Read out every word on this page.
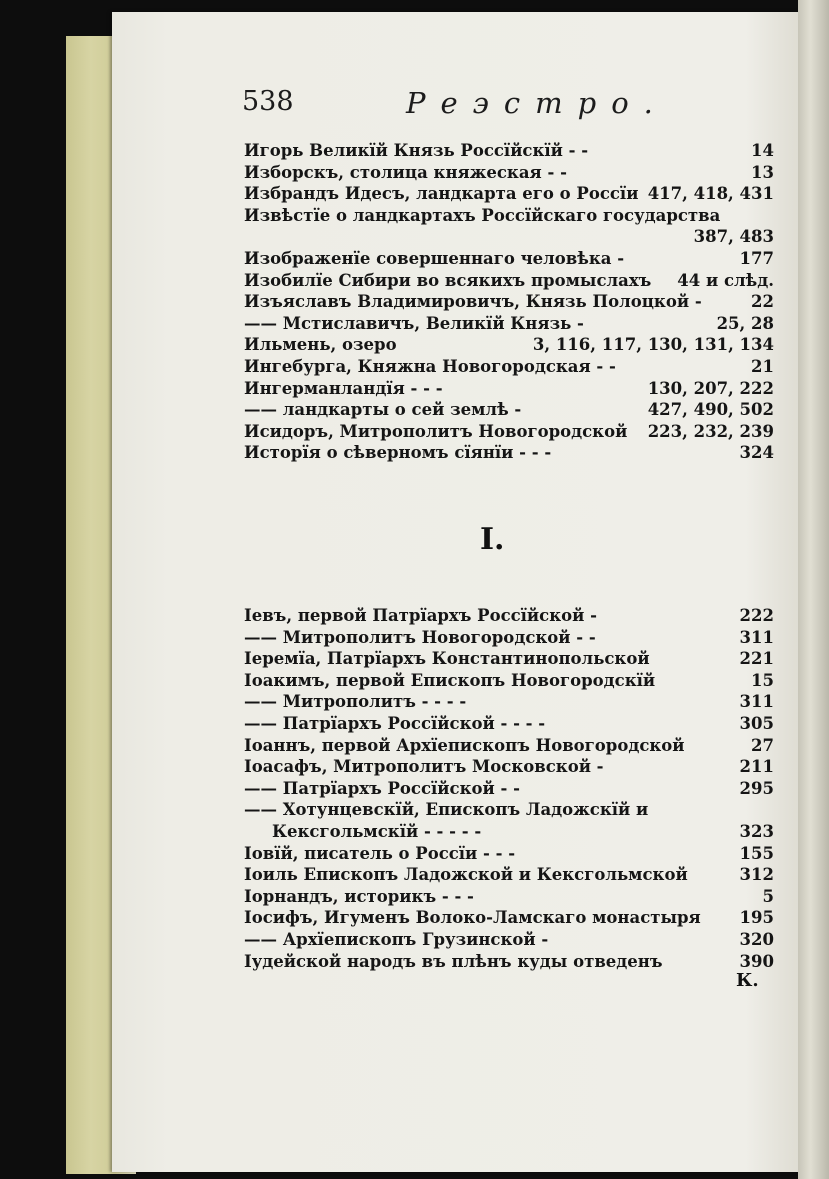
538	Реэстро.
Игорь Великїй Князь Россїйскїй - -	14
Изборскъ, столица княжеская - -	13
Избрандъ Идесъ, ландкарта его о Россїи 417, 418, 431
Извѣстїе о ландкартахъ Россїйскаго государства
387, 483
Изображенїе совершеннаго человѣка -	177
Изобилїе Сибири во всякихъ промыслахъ	44 и слѣд.
Изъяславъ Владимировичъ, Князь Полоцкой -	22
—— Мстиславичъ, Великїй Князь -	25, 28
Ильмень, озеро	3, 116, 117, 130, 131, 134
Ингебурга, Княжна Новогородская - -	21
Ингерманландїя - - -	130, 207, 222
—— ландкарты о сей землѣ -	427, 490, 502
Исидоръ, Митрополитъ Новогородской	223, 232, 239
Исторїя о сѣверномъ сїянїи - - -	324
I.
Iевъ, первой Патрїархъ Россїйской -	222
—— Митрополитъ Новогородской - -	311
Iеремїа, Патрїархъ Константинопольской	221
Iоакимъ, первой Епископъ Новогородскїй	15
—— Митрополитъ - - - -	311
—— Патрїархъ Россїйской - - - -	305
Iоаннъ, первой Архїепископъ Новогородской	27
Iоасафъ, Митрополитъ Московской -	211
—— Патрїархъ Россїйской - -	295
—— Хотунцевскїй, Епископъ Ладожскїй и
Кексгольмскїй - - - - -	323
Iовїй, писатель о Россїи - - -	155
Iоиль Епископъ Ладожской и Кексгольмской	312
Iорнандъ, историкъ - - -	5
Iосифъ, Игуменъ Волоко-Ламскаго монастыря	195
—— Архїепископъ Грузинской -	320
Iудейской народъ въ плѣнъ куды отведенъ	390
К.
